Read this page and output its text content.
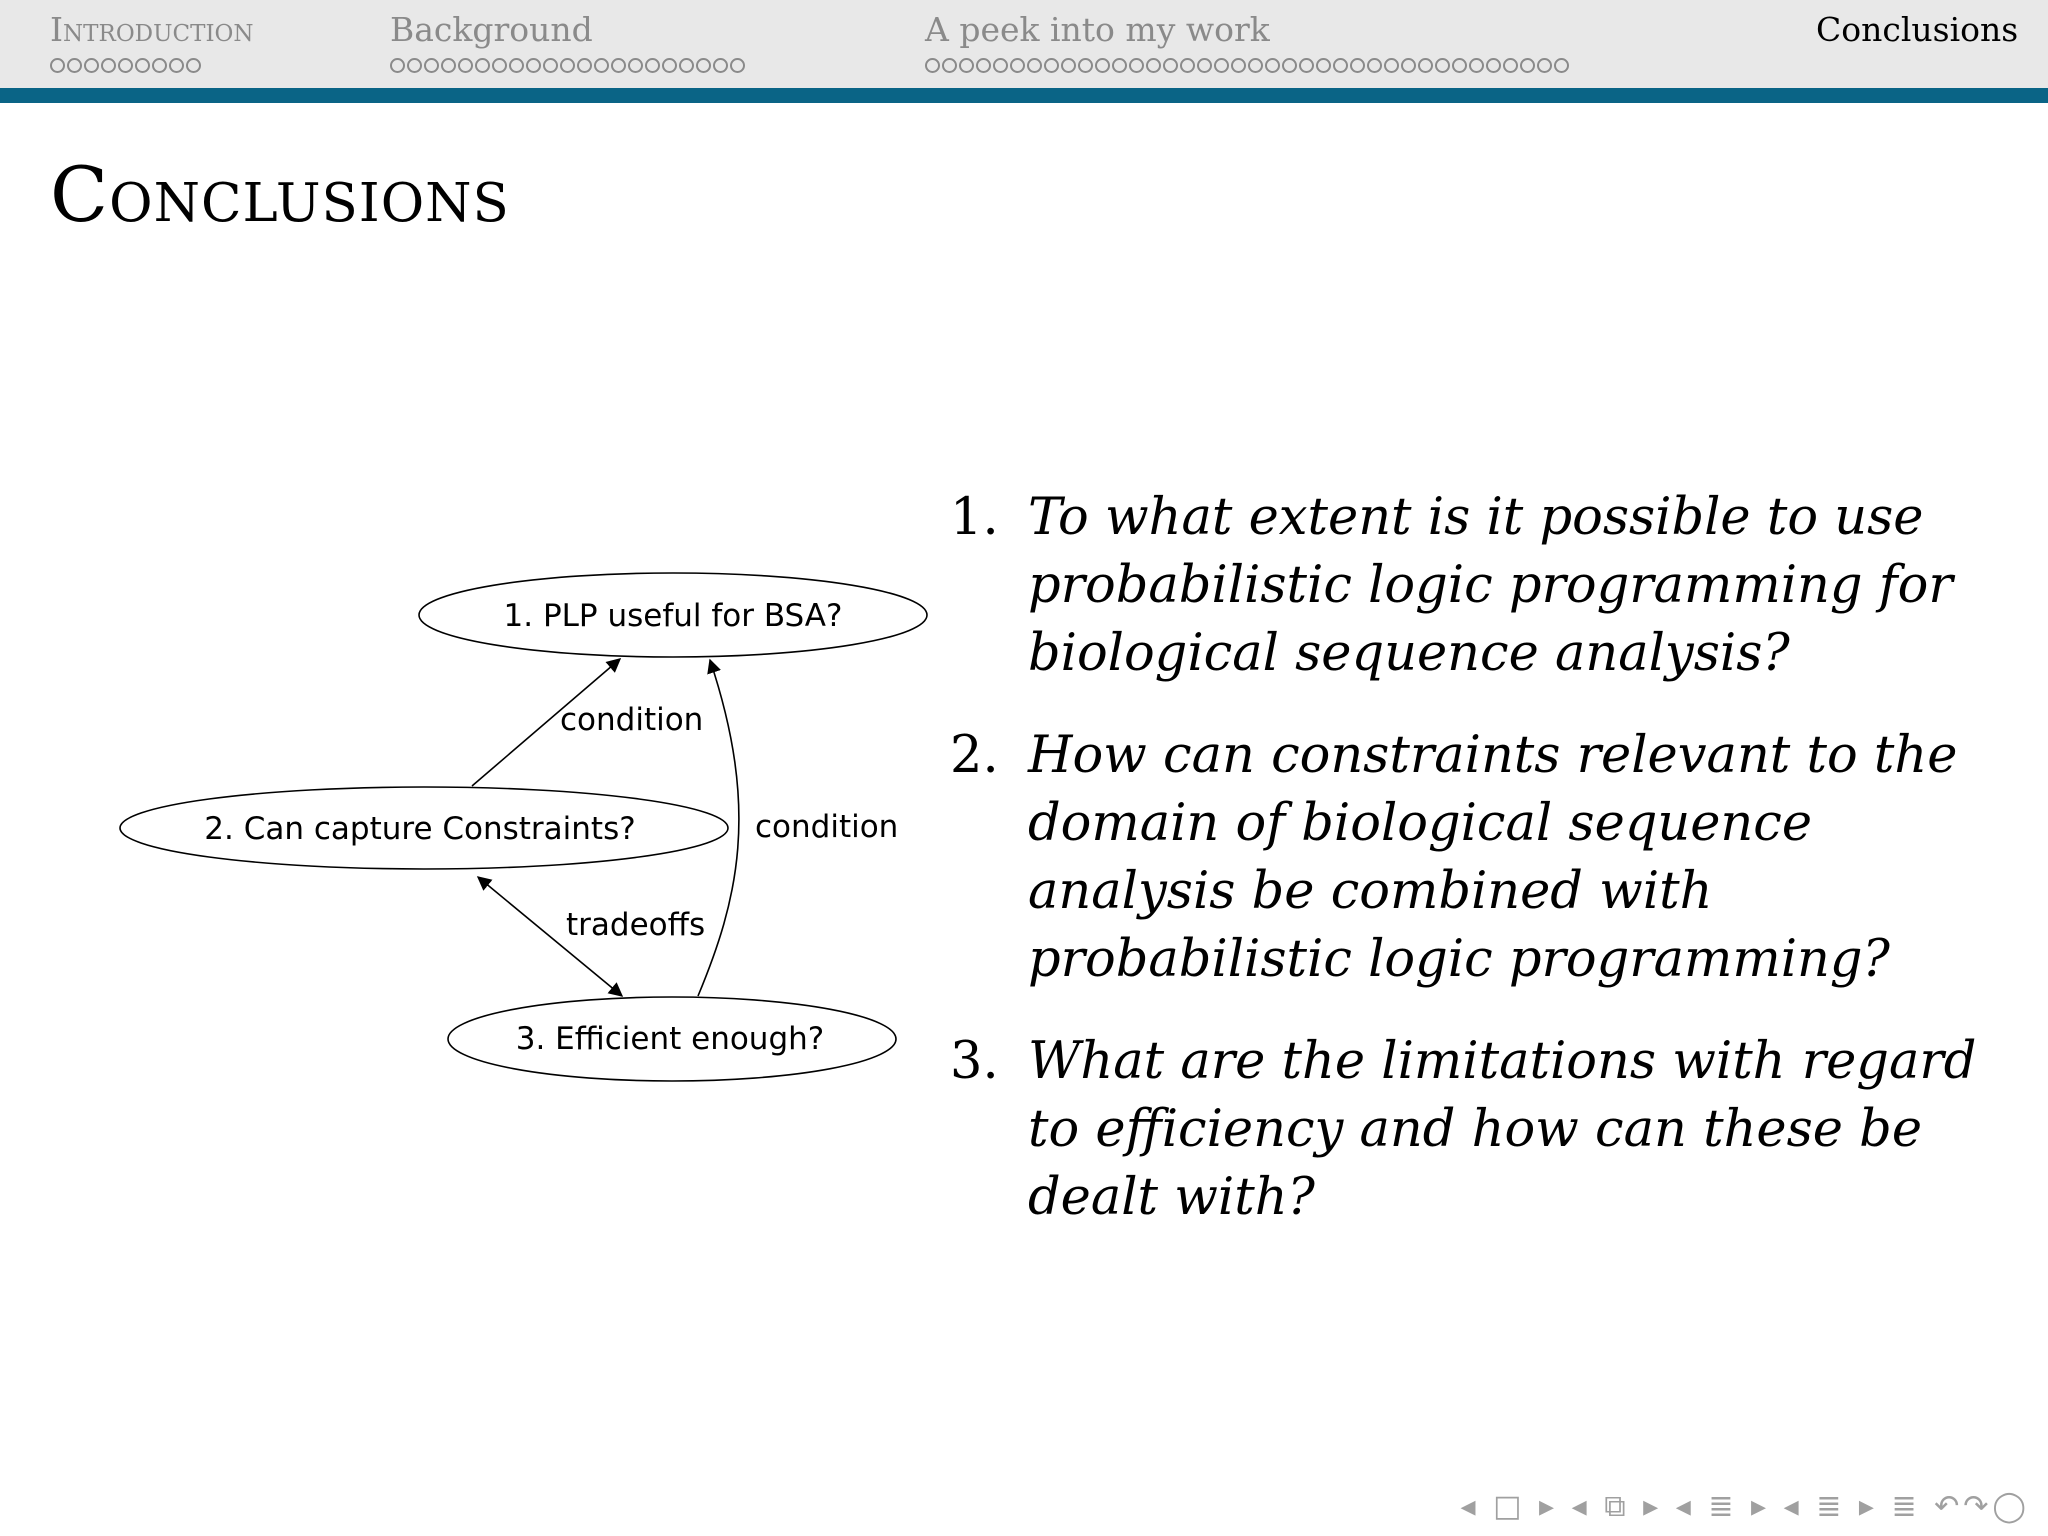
Introduction	Background	A peek into my work	Conclusions
Conclusions
1. PLP useful for BSA?
2. Can capture Constraints?
3. Efficient enough?
condition
condition
tradeoffs
1. To what extent is it possible to use probabilistic logic programming for biological sequence analysis?
2. How can constraints relevant to the domain of biological sequence analysis be combined with probabilistic logic programming?
3. What are the limitations with regard to efficiency and how can these be dealt with?
◂ □ ▸ ◂ ⧉ ▸ ◂ ≣ ▸ ◂ ≣ ▸ ≣ ↶↷◯
